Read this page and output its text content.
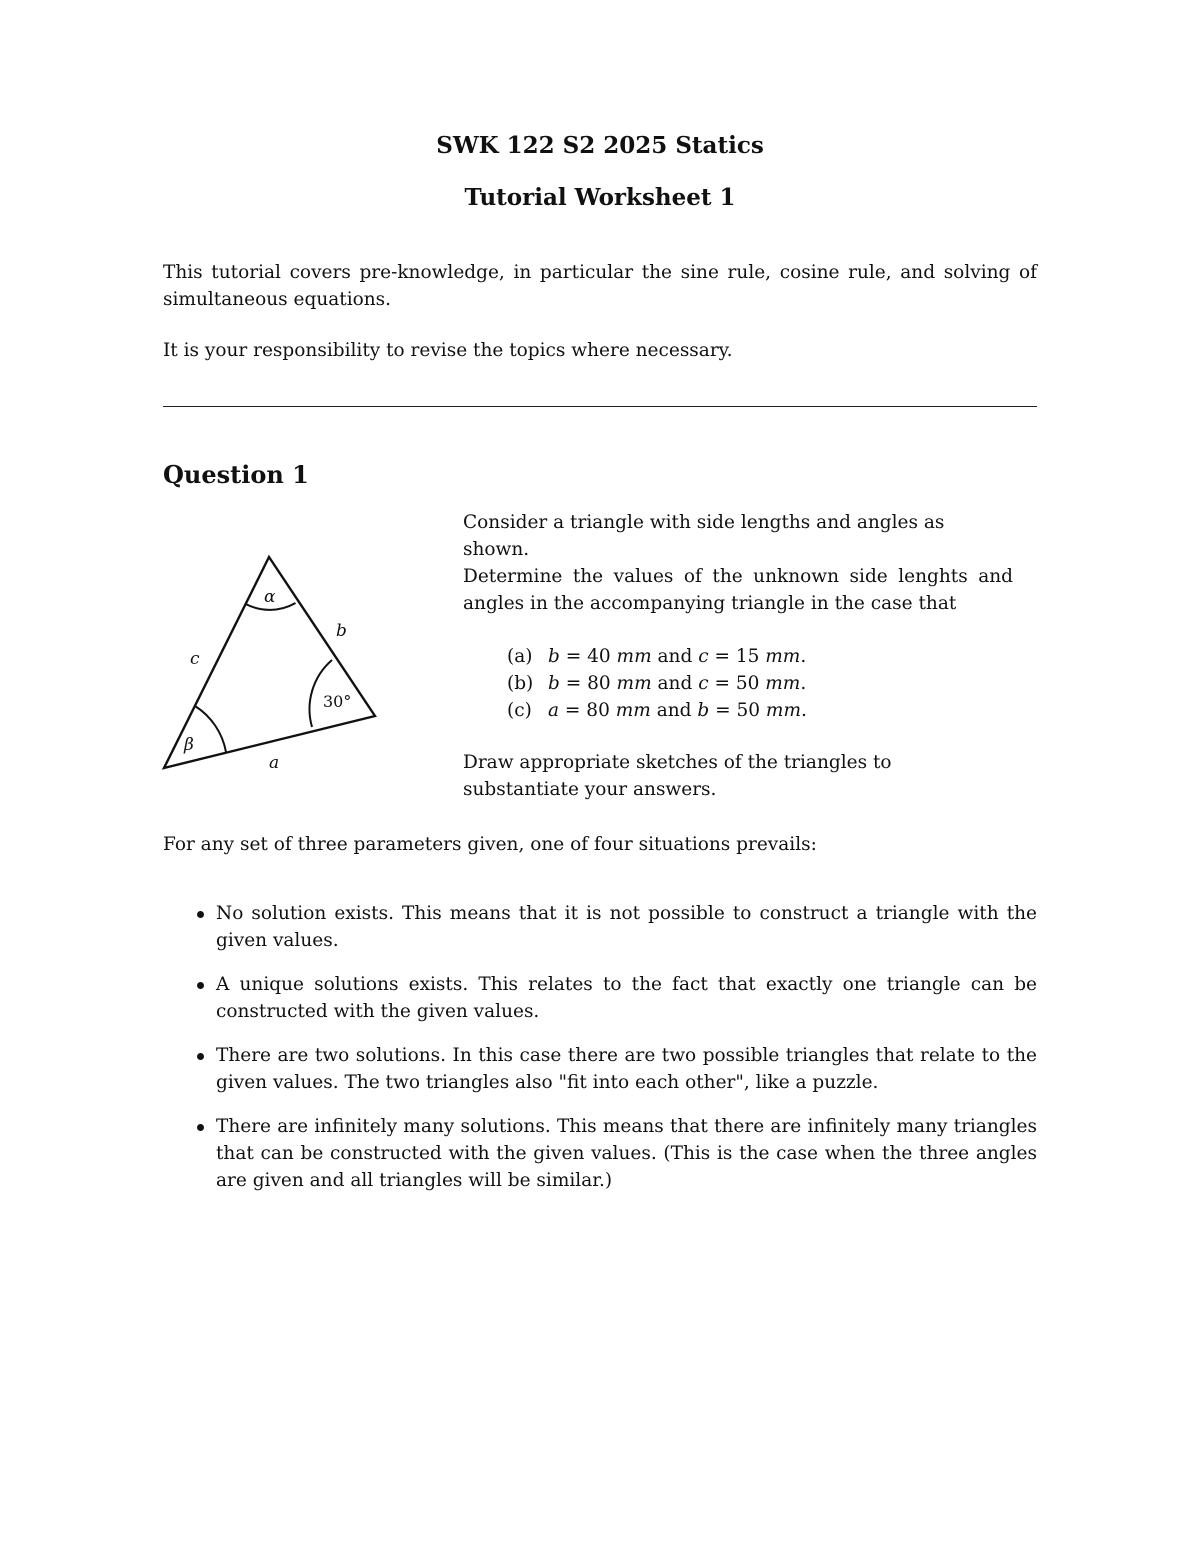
SWK 122 S2 2025 Statics
Tutorial Worksheet 1
This tutorial covers pre-knowledge, in particular the sine rule, cosine rule, and solving of simultaneous equations.
It is your responsibility to revise the topics where necessary.
Question 1
α
β
30°
a
b
c
Consider a triangle with side lengths and angles as shown.
Determine the values of the unknown side lenghts and angles in the accompanying triangle in the case that
(a) b = 40 mm and c = 15 mm.
(b) b = 80 mm and c = 50 mm.
(c) a = 80 mm and b = 50 mm.
Draw appropriate sketches of the triangles to substantiate your answers.
For any set of three parameters given, one of four situations prevails:
No solution exists. This means that it is not possible to construct a triangle with the given values.
A unique solutions exists. This relates to the fact that exactly one triangle can be constructed with the given values.
There are two solutions. In this case there are two possible triangles that relate to the given values. The two triangles also "fit into each other", like a puzzle.
There are infinitely many solutions. This means that there are infinitely many triangles that can be constructed with the given values. (This is the case when the three angles are given and all triangles will be similar.)
